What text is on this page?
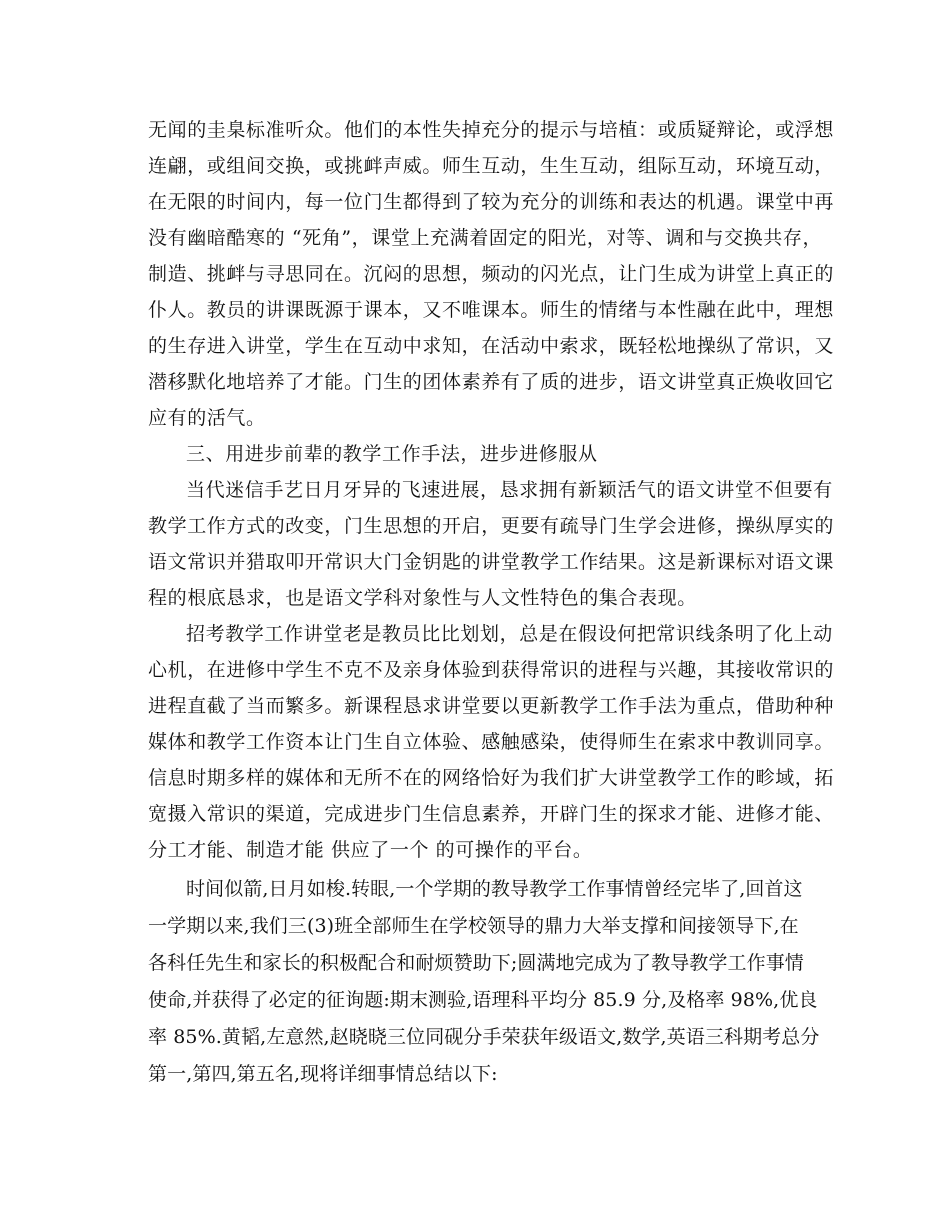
无闻的圭臬标准听众。他们的本性失掉充分的提示与培植：或质疑辩论，或浮想
连翩，或组间交换，或挑衅声威。师生互动，生生互动，组际互动，环境互动，
在无限的时间内，每一位门生都得到了较为充分的训练和表达的机遇。课堂中再
没有幽暗酷寒的 “死角”，课堂上充满着固定的阳光，对等、调和与交换共存，
制造、挑衅与寻思同在。沉闷的思想，频动的闪光点，让门生成为讲堂上真正的
仆人。教员的讲课既源于课本，又不唯课本。师生的情绪与本性融在此中，理想
的生存进入讲堂，学生在互动中求知，在活动中索求，既轻松地操纵了常识，又
潜移默化地培养了才能。门生的团体素养有了质的进步，语文讲堂真正焕收回它
应有的活气。
三、用进步前辈的教学工作手法，进步进修服从
当代迷信手艺日月牙异的飞速进展，恳求拥有新颖活气的语文讲堂不但要有
教学工作方式的改变，门生思想的开启，更要有疏导门生学会进修，操纵厚实的
语文常识并猎取叩开常识大门金钥匙的讲堂教学工作结果。这是新课标对语文课
程的根底恳求，也是语文学科对象性与人文性特色的集合表现。
招考教学工作讲堂老是教员比比划划，总是在假设何把常识线条明了化上动
心机，在进修中学生不克不及亲身体验到获得常识的进程与兴趣，其接收常识的
进程直截了当而繁多。新课程恳求讲堂要以更新教学工作手法为重点，借助种种
媒体和教学工作资本让门生自立体验、感触感染，使得师生在索求中教训同享。
信息时期多样的媒体和无所不在的网络恰好为我们扩大讲堂教学工作的畛域，拓
宽摄入常识的渠道，完成进步门生信息素养，开辟门生的探求才能、进修才能、
分工才能、制造才能 供应了一个 的可操作的平台。
时间似箭,日月如梭.转眼,一个学期的教导教学工作事情曾经完毕了,回首这
一学期以来,我们三(3)班全部师生在学校领导的鼎力大举支撑和间接领导下,在
各科任先生和家长的积极配合和耐烦赞助下;圆满地完成为了教导教学工作事情
使命,并获得了必定的征询题:期末测验,语理科平均分 85.9 分,及格率 98%,优良
率 85%.黄韬,左意然,赵晓晓三位同砚分手荣获年级语文,数学,英语三科期考总分
第一,第四,第五名,现将详细事情总结以下:
